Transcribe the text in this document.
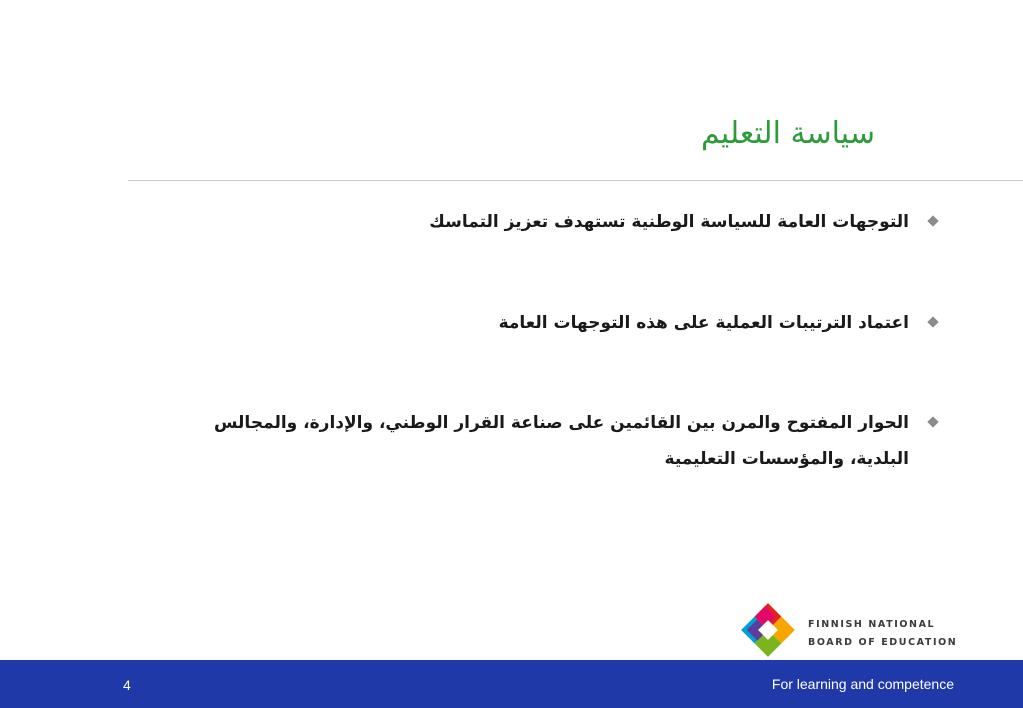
سياسة التعليم
التوجهات العامة للسياسة الوطنية تستهدف تعزيز التماسك
اعتماد الترتيبات العملية على هذه التوجهات العامة
الحوار المفتوح والمرن بين القائمين على صناعة القرار الوطني، والإدارة، والمجالس البلدية، والمؤسسات التعليمية
FINNISH NATIONAL
BOARD OF EDUCATION
4	For learning and competence
